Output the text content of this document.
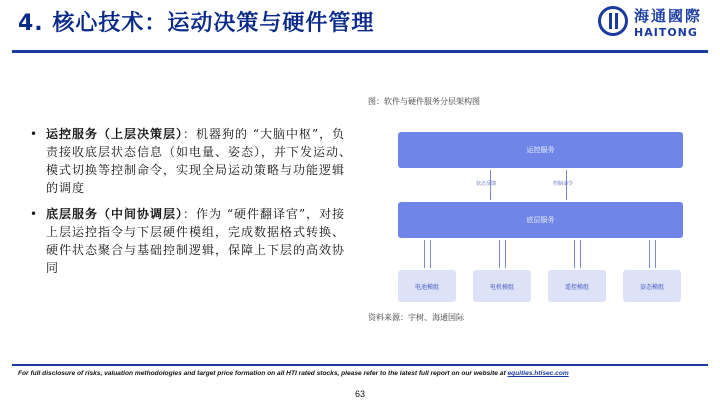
4. 核心技术：运动决策与硬件管理	海通國際
HAITONG
图：软件与硬件服务分层架构图
• 运控服务（上层决策层）：机器狗的 “大脑中枢”，负责接收底层状态信息（如电量、姿态），并下发运动、模式切换等控制命令，实现全局运动策略与功能逻辑的调度
• 底层服务（中间协调层）：作为 “硬件翻译官”，对接上层运控指令与下层硬件模组，完成数据格式转换、硬件状态聚合与基础控制逻辑，保障上下层的高效协同
运控服务
状态反馈	控制命令
底层服务
电池模组	电机模组	遥控模组	姿态模组
资料来源：宇树、海通国际
For full disclosure of risks, valuation methodologies and target price formation on all HTI rated stocks, please refer to the latest full report on our website at equities.htisec.com
63
